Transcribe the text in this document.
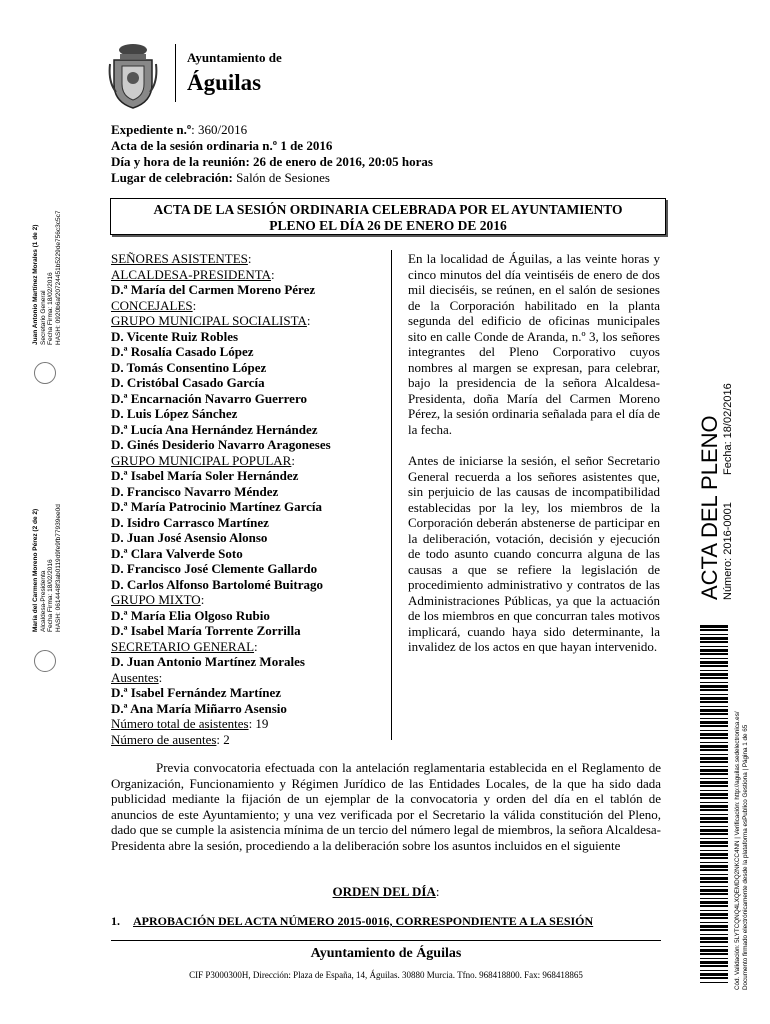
Ayuntamiento de
Águilas
Expediente n.º: 360/2016
Acta de la sesión ordinaria n.º 1 de 2016
Día y hora de la reunión: 26 de enero de 2016, 20:05 horas
Lugar de celebración: Salón de Sesiones
ACTA DE LA SESIÓN ORDINARIA CELEBRADA POR EL AYUNTAMIENTO
PLENO EL DÍA 26 DE ENERO DE 2016
SEÑORES ASISTENTES:
ALCALDESA-PRESIDENTA:
D.ª María del Carmen Moreno Pérez
CONCEJALES:
GRUPO MUNICIPAL SOCIALISTA:
D. Vicente Ruiz Robles
D.ª Rosalía Casado López
D. Tomás Consentino López
D. Cristóbal Casado García
D.ª Encarnación Navarro Guerrero
D. Luis López Sánchez
D.ª Lucía Ana Hernández Hernández
D. Ginés Desiderio Navarro Aragoneses
GRUPO MUNICIPAL POPULAR:
D.ª Isabel María Soler Hernández
D. Francisco Navarro Méndez
D.ª María Patrocinio Martínez García
D. Isidro Carrasco Martínez
D. Juan José Asensio Alonso
D.ª Clara Valverde Soto
D. Francisco José Clemente Gallardo
D. Carlos Alfonso Bartolomé Buitrago
GRUPO MIXTO:
D.ª María Elia Olgoso Rubio
D.ª Isabel María Torrente Zorrilla
SECRETARIO GENERAL:
D. Juan Antonio Martínez Morales
Ausentes:
D.ª Isabel Fernández Martínez
D.ª Ana María Miñarro Asensio
Número total de asistentes: 19
Número de ausentes: 2

En la localidad de Águilas, a las veinte horas y cinco minutos del día veintiséis de enero de dos mil dieciséis, se reúnen, en el salón de sesiones de la Corporación habilitado en la planta segunda del edificio de oficinas municipales sito en calle Conde de Aranda, n.º 3, los señores integrantes del Pleno Corporativo cuyos nombres al margen se expresan, para celebrar, bajo la presidencia de la señora Alcaldesa-Presidenta, doña María del Carmen Moreno Pérez, la sesión ordinaria señalada para el día de la fecha.

Antes de iniciarse la sesión, el señor Secretario General recuerda a los señores asistentes que, sin perjuicio de las causas de incompatibilidad establecidas por la ley, los miembros de la Corporación deberán abstenerse de participar en la deliberación, votación, decisión y ejecución de todo asunto cuando concurra alguna de las causas a que se refiere la legislación de procedimiento administrativo y contratos de las Administraciones Públicas, ya que la actuación de los miembros en que concurran tales motivos implicará, cuando haya sido determinante, la invalidez de los actos en que hayan intervenido.

Previa convocatoria efectuada con la antelación reglamentaria establecida en el Reglamento de Organización, Funcionamiento y Régimen Jurídico de las Entidades Locales, de la que ha sido dada publicidad mediante la fijación de un ejemplar de la convocatoria y orden del día en el tablón de anuncios de este Ayuntamiento; y una vez verificada por el Secretario la válida constitución del Pleno, dado que se cumple la asistencia mínima de un tercio del número legal de miembros, la señora Alcaldesa-Presidenta abre la sesión, procediendo a la deliberación sobre los asuntos incluidos en el siguiente
ORDEN DEL DÍA:
1. APROBACIÓN DEL ACTA NÚMERO 2015-0016, CORRESPONDIENTE A LA SESIÓN
Ayuntamiento de Águilas
CIF P3000300H, Dirección: Plaza de España, 14, Águilas. 30880 Murcia. Tfno. 968418800. Fax: 968418865
Juan Antonio Martínez Morales (1 de 2) Secretario General Fecha Firma: 18/02/2016 HASH: 0920b6af20724451b5229de756c3c5c7
María del Carmen Moreno Pérez (2 de 2) Alcaldesa-Presidenta Fecha Firma: 18/02/2016 HASH: 0614448f3ab0119d9fe9fb77939ee0d	ACTA DEL PLENO Número: 2016-0001
Fecha: 18/02/2016
Cód. Validación: 5LYTCQNQ4LXQEMDQ2NKCC4NN | Verificación: http://aguilas.sedelectronica.es/ Documento firmado electrónicamente desde la plataforma esPublico Gestiona | Página 1 de 65
